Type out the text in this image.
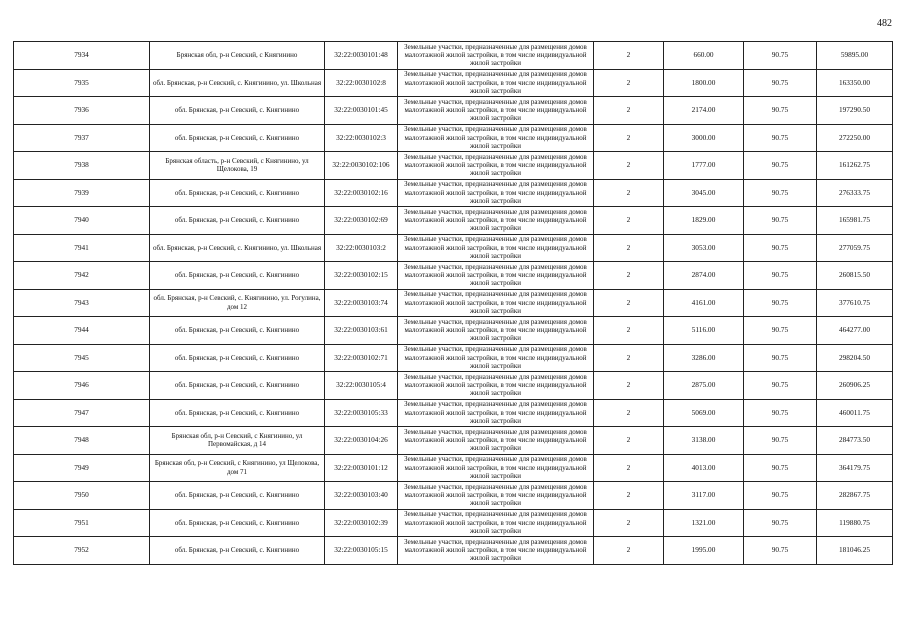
482
7934	Брянская обл, р-н Севский, с Княгинино	32:22:0030101:48	Земельные участки, предназначенные для размещения домов малоэтажной жилой застройки, в том числе индивидуальной жилой застройки	2	660.00	90.75	59895.00
7935	обл. Брянская, р-н Севский, с. Княгинино, ул. Школьная	32:22:0030102:8	Земельные участки, предназначенные для размещения домов малоэтажной жилой застройки, в том числе индивидуальной жилой застройки	2	1800.00	90.75	163350.00
7936	обл. Брянская, р-н Севский, с. Княгинино	32:22:0030101:45	Земельные участки, предназначенные для размещения домов малоэтажной жилой застройки, в том числе индивидуальной жилой застройки	2	2174.00	90.75	197290.50
7937	обл. Брянская, р-н Севский, с. Княгинино	32:22:0030102:3	Земельные участки, предназначенные для размещения домов малоэтажной жилой застройки, в том числе индивидуальной жилой застройки	2	3000.00	90.75	272250.00
7938	Брянская область, р-н Севский, с Княгинино, ул Щелокова, 19	32:22:0030102:106	Земельные участки, предназначенные для размещения домов малоэтажной жилой застройки, в том числе индивидуальной жилой застройки	2	1777.00	90.75	161262.75
7939	обл. Брянская, р-н Севский, с. Княгинино	32:22:0030102:16	Земельные участки, предназначенные для размещения домов малоэтажной жилой застройки, в том числе индивидуальной жилой застройки	2	3045.00	90.75	276333.75
7940	обл. Брянская, р-н Севский, с. Княгинино	32:22:0030102:69	Земельные участки, предназначенные для размещения домов малоэтажной жилой застройки, в том числе индивидуальной жилой застройки	2	1829.00	90.75	165981.75
7941	обл. Брянская, р-н Севский, с. Княгинино, ул. Школьная	32:22:0030103:2	Земельные участки, предназначенные для размещения домов малоэтажной жилой застройки, в том числе индивидуальной жилой застройки	2	3053.00	90.75	277059.75
7942	обл. Брянская, р-н Севский, с. Княгинино	32:22:0030102:15	Земельные участки, предназначенные для размещения домов малоэтажной жилой застройки, в том числе индивидуальной жилой застройки	2	2874.00	90.75	260815.50
7943	обл. Брянская, р-н Севский, с. Княгинино, ул. Рогулина, дом 12	32:22:0030103:74	Земельные участки, предназначенные для размещения домов малоэтажной жилой застройки, в том числе индивидуальной жилой застройки	2	4161.00	90.75	377610.75
7944	обл. Брянская, р-н Севский, с. Княгинино	32:22:0030103:61	Земельные участки, предназначенные для размещения домов малоэтажной жилой застройки, в том числе индивидуальной жилой застройки	2	5116.00	90.75	464277.00
7945	обл. Брянская, р-н Севский, с. Княгинино	32:22:0030102:71	Земельные участки, предназначенные для размещения домов малоэтажной жилой застройки, в том числе индивидуальной жилой застройки	2	3286.00	90.75	298204.50
7946	обл. Брянская, р-н Севский, с. Княгинино	32:22:0030105:4	Земельные участки, предназначенные для размещения домов малоэтажной жилой застройки, в том числе индивидуальной жилой застройки	2	2875.00	90.75	260906.25
7947	обл. Брянская, р-н Севский, с. Княгинино	32:22:0030105:33	Земельные участки, предназначенные для размещения домов малоэтажной жилой застройки, в том числе индивидуальной жилой застройки	2	5069.00	90.75	460011.75
7948	Брянская обл, р-н Севский, с Княгинино, ул Первомайская, д 14	32:22:0030104:26	Земельные участки, предназначенные для размещения домов малоэтажной жилой застройки, в том числе индивидуальной жилой застройки	2	3138.00	90.75	284773.50
7949	Брянская обл, р-н Севский, с Княгинино, ул Щелокова, дом 71	32:22:0030101:12	Земельные участки, предназначенные для размещения домов малоэтажной жилой застройки, в том числе индивидуальной жилой застройки	2	4013.00	90.75	364179.75
7950	обл. Брянская, р-н Севский, с. Княгинино	32:22:0030103:40	Земельные участки, предназначенные для размещения домов малоэтажной жилой застройки, в том числе индивидуальной жилой застройки	2	3117.00	90.75	282867.75
7951	обл. Брянская, р-н Севский, с. Княгинино	32:22:0030102:39	Земельные участки, предназначенные для размещения домов малоэтажной жилой застройки, в том числе индивидуальной жилой застройки	2	1321.00	90.75	119880.75
7952	обл. Брянская, р-н Севский, с. Княгинино	32:22:0030105:15	Земельные участки, предназначенные для размещения домов малоэтажной жилой застройки, в том числе индивидуальной жилой застройки	2	1995.00	90.75	181046.25
